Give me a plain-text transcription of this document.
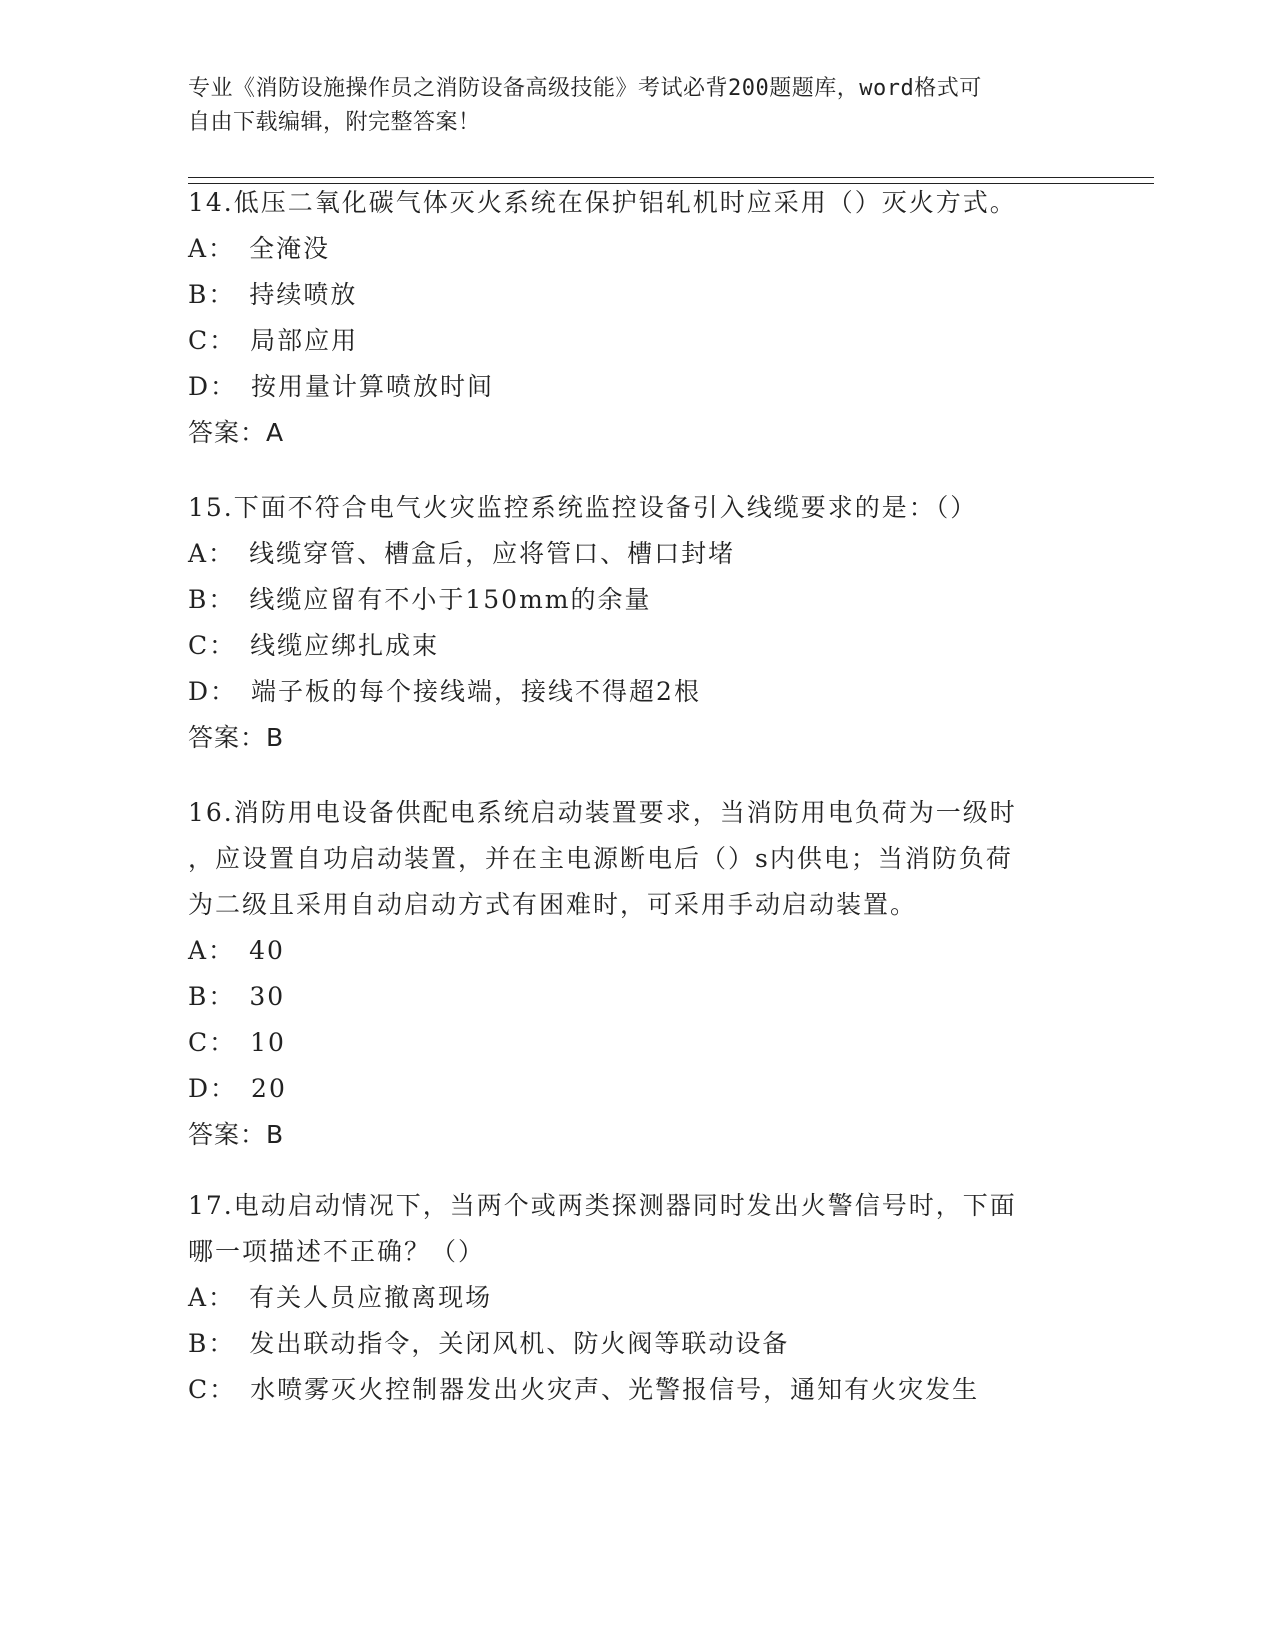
专业《消防设施操作员之消防设备高级技能》考试必背200题题库，word格式可
自由下载编辑，附完整答案！

14.低压二氧化碳气体灭火系统在保护铝轧机时应采用（）灭火方式。

A： 全淹没

B： 持续喷放

C： 局部应用

D： 按用量计算喷放时间

答案：A

15.下面不符合电气火灾监控系统监控设备引入线缆要求的是：（）

A： 线缆穿管、槽盒后，应将管口、槽口封堵

B： 线缆应留有不小于150mm的余量

C： 线缆应绑扎成束

D： 端子板的每个接线端，接线不得超2根

答案：B

16.消防用电设备供配电系统启动装置要求，当消防用电负荷为一级时

，应设置自功启动装置，并在主电源断电后（）s内供电；当消防负荷

为二级且采用自动启动方式有困难时，可采用手动启动装置。

A： 40

B： 30

C： 10

D： 20

答案：B

17.电动启动情况下，当两个或两类探测器同时发出火警信号时，下面

哪一项描述不正确？（）

A： 有关人员应撤离现场

B： 发出联动指令，关闭风机、防火阀等联动设备

C： 水喷雾灭火控制器发出火灾声、光警报信号，通知有火灾发生
